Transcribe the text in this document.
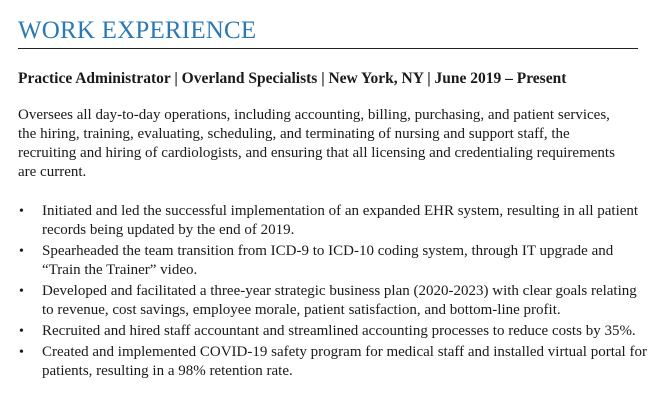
WORK EXPERIENCE
Practice Administrator | Overland Specialists | New York, NY | June 2019 – Present

Oversees all day-to-day operations, including accounting, billing, purchasing, and patient services, the hiring, training, evaluating, scheduling, and terminating of nursing and support staff, the recruiting and hiring of cardiologists, and ensuring that all licensing and credentialing requirements are current.

• Initiated and led the successful implementation of an expanded EHR system, resulting in all patient records being updated by the end of 2019.
• Spearheaded the team transition from ICD-9 to ICD-10 coding system, through IT upgrade and “Train the Trainer” video.
• Developed and facilitated a three-year strategic business plan (2020-2023) with clear goals relating to revenue, cost savings, employee morale, patient satisfaction, and bottom-line profit.
• Recruited and hired staff accountant and streamlined accounting processes to reduce costs by 35%.
• Created and implemented COVID-19 safety program for medical staff and installed virtual portal for patients, resulting in a 98% retention rate.
